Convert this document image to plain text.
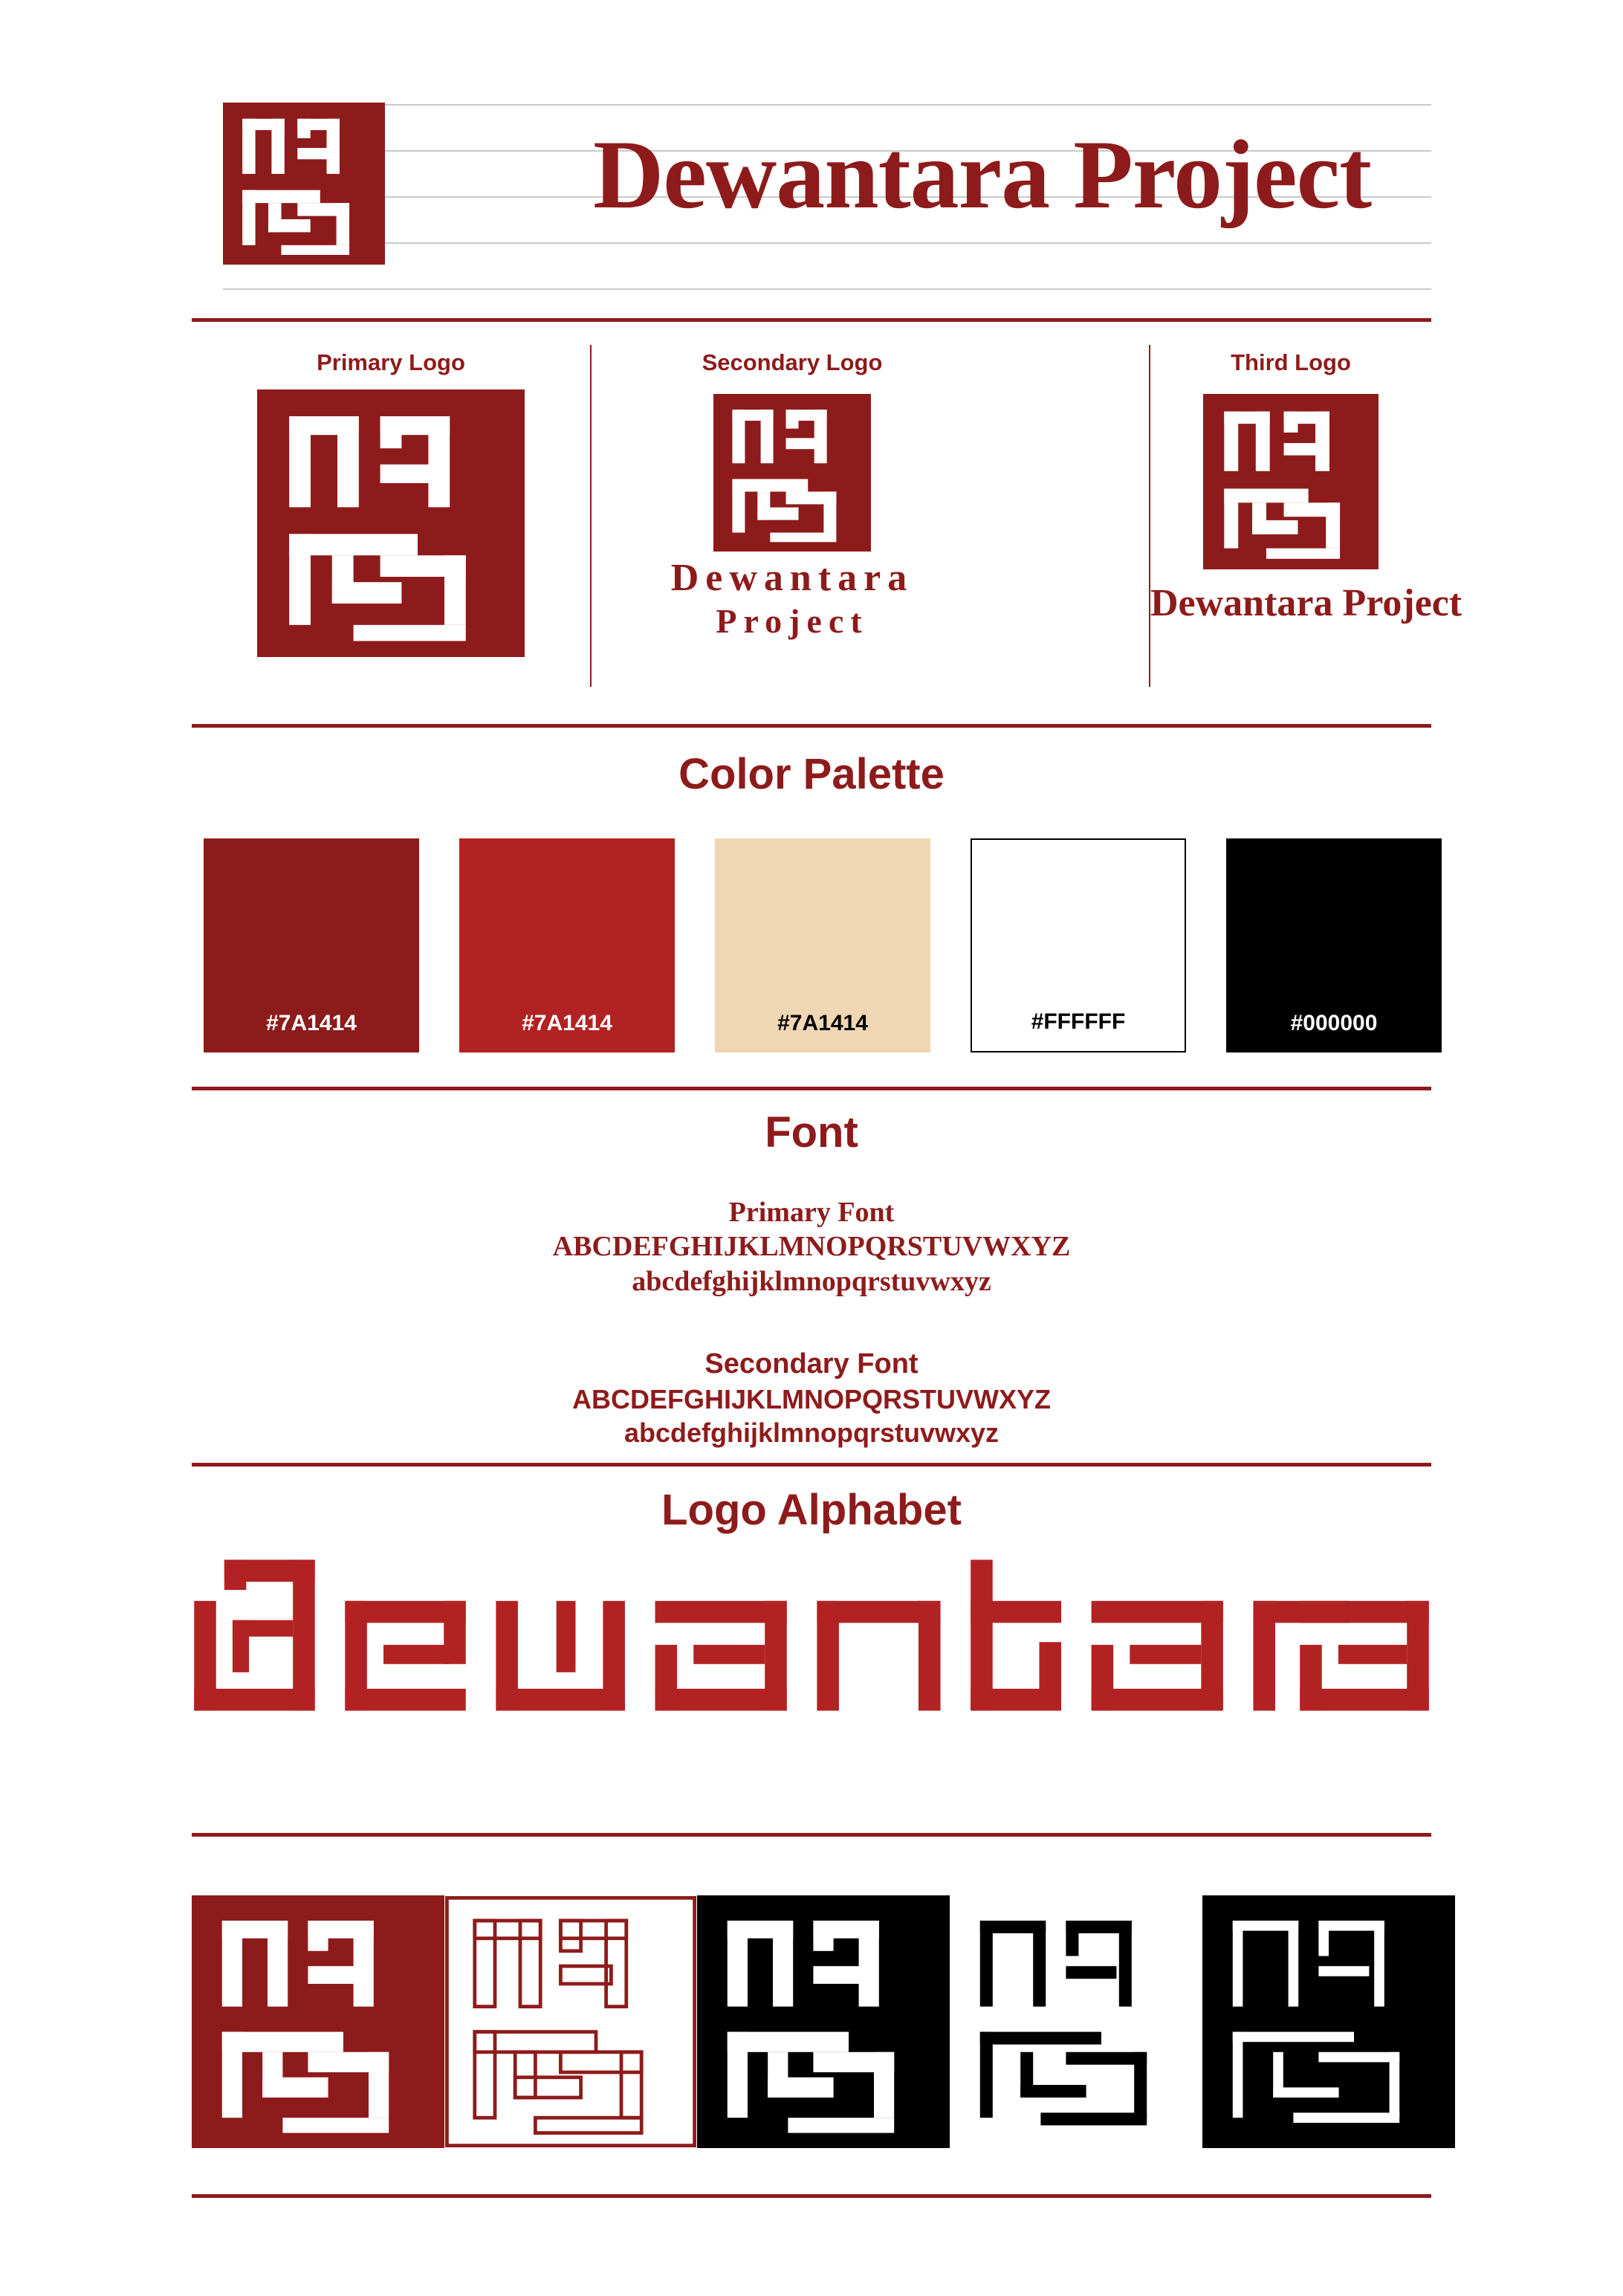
Dewantara Project
Primary Logo	Secondary Logo
Dewantara
Project
Third Logo
Dewantara Project
Color Palette
#7A1414	#7A1414	#7A1414	#FFFFFF	#000000
Font
Primary Font
ABCDEFGHIJKLMNOPQRSTUVWXYZ
abcdefghijklmnopqrstuvwxyz
Secondary Font
ABCDEFGHIJKLMNOPQRSTUVWXYZ
abcdefghijklmnopqrstuvwxyz
Logo Alphabet
